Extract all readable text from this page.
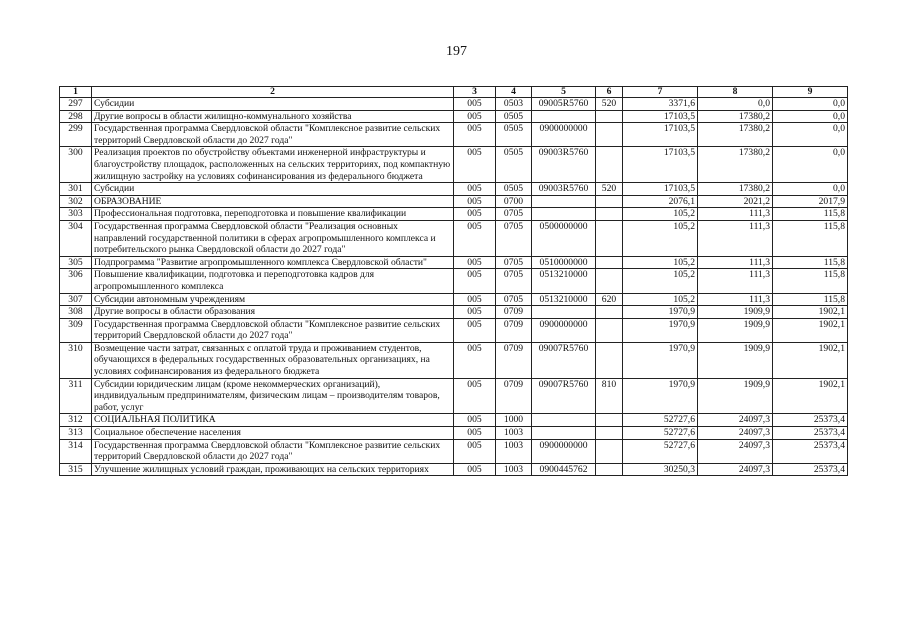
197
1	2	3	4	5	6	7	8	9
297	Субсидии	005	0503	09005R5760	520	3371,6	0,0	0,0
298	Другие вопросы в области жилищно-коммунального хозяйства	005	0505			17103,5	17380,2	0,0
299	Государственная программа Свердловской области "Комплексное развитие сельских территорий Свердловской области до 2027 года"	005	0505	0900000000		17103,5	17380,2	0,0
300	Реализация проектов по обустройству объектами инженерной инфраструктуры и благоустройству площадок, расположенных на сельских территориях, под компактную жилищную застройку на условиях софинансирования из федерального бюджета	005	0505	09003R5760		17103,5	17380,2	0,0
301	Субсидии	005	0505	09003R5760	520	17103,5	17380,2	0,0
302	ОБРАЗОВАНИЕ	005	0700			2076,1	2021,2	2017,9
303	Профессиональная подготовка, переподготовка и повышение квалификации	005	0705			105,2	111,3	115,8
304	Государственная программа Свердловской области "Реализация основных направлений государственной политики в сферах агропромышленного комплекса и потребительского рынка Свердловской области до 2027 года"	005	0705	0500000000		105,2	111,3	115,8
305	Подпрограмма "Развитие агропромышленного комплекса Свердловской области"	005	0705	0510000000		105,2	111,3	115,8
306	Повышение квалификации, подготовка и переподготовка кадров для агропромышленного комплекса	005	0705	0513210000		105,2	111,3	115,8
307	Субсидии автономным учреждениям	005	0705	0513210000	620	105,2	111,3	115,8
308	Другие вопросы в области образования	005	0709			1970,9	1909,9	1902,1
309	Государственная программа Свердловской области "Комплексное развитие сельских территорий Свердловской области до 2027 года"	005	0709	0900000000		1970,9	1909,9	1902,1
310	Возмещение части затрат, связанных с оплатой труда и проживанием студентов, обучающихся в федеральных государственных образовательных организациях, на условиях софинансирования из федерального бюджета	005	0709	09007R5760		1970,9	1909,9	1902,1
311	Субсидии юридическим лицам (кроме некоммерческих организаций), индивидуальным предпринимателям, физическим лицам – производителям товаров, работ, услуг	005	0709	09007R5760	810	1970,9	1909,9	1902,1
312	СОЦИАЛЬНАЯ ПОЛИТИКА	005	1000			52727,6	24097,3	25373,4
313	Социальное обеспечение населения	005	1003			52727,6	24097,3	25373,4
314	Государственная программа Свердловской области "Комплексное развитие сельских территорий Свердловской области до 2027 года"	005	1003	0900000000		52727,6	24097,3	25373,4
315	Улучшение жилищных условий граждан, проживающих на сельских территориях	005	1003	0900445762		30250,3	24097,3	25373,4
